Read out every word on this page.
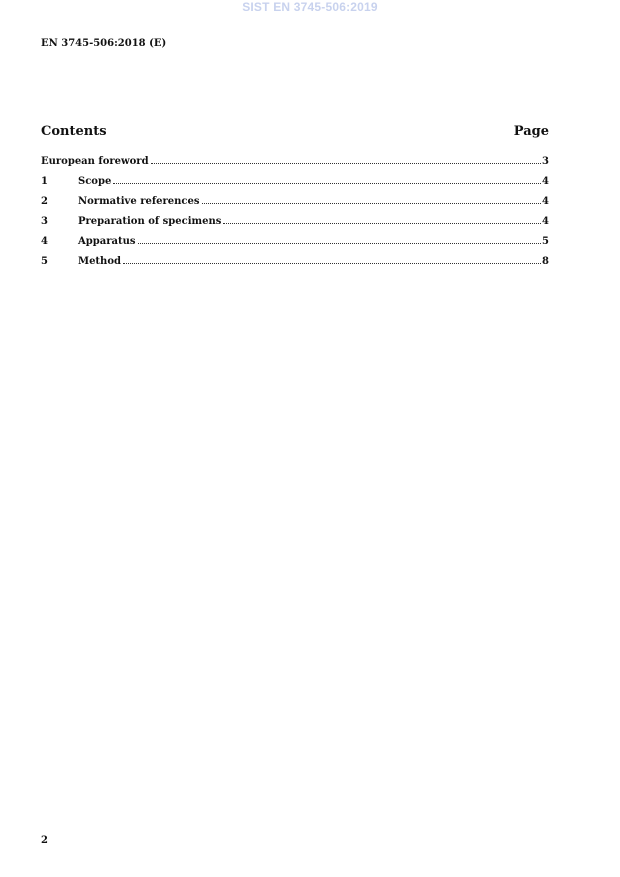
SIST EN 3745-506:2019
EN 3745-506:2018 (E)
Contents	Page
European foreword	3
1	Scope	4
2	Normative references	4
3	Preparation of specimens	4
4	Apparatus	5
5	Method	8
2
